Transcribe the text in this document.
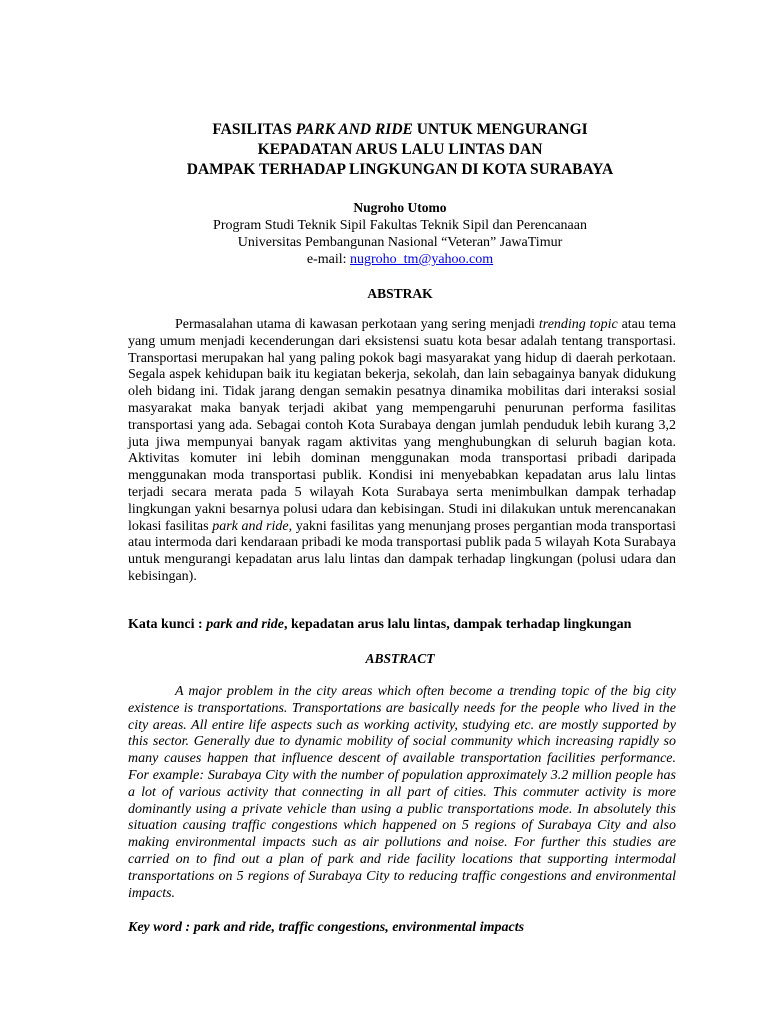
FASILITAS PARK AND RIDE UNTUK MENGURANGI
KEPADATAN ARUS LALU LINTAS DAN
DAMPAK TERHADAP LINGKUNGAN DI KOTA SURABAYA
Nugroho Utomo
Program Studi Teknik Sipil Fakultas Teknik Sipil dan Perencanaan
Universitas Pembangunan Nasional “Veteran” JawaTimur
e-mail: nugroho_tm@yahoo.com
ABSTRAK

Permasalahan utama di kawasan perkotaan yang sering menjadi trending topic atau tema yang umum menjadi kecenderungan dari eksistensi suatu kota besar adalah tentang transportasi. Transportasi merupakan hal yang paling pokok bagi masyarakat yang hidup di daerah perkotaan. Segala aspek kehidupan baik itu kegiatan bekerja, sekolah, dan lain sebagainya banyak didukung oleh bidang ini. Tidak jarang dengan semakin pesatnya dinamika mobilitas dari interaksi sosial masyarakat maka banyak terjadi akibat yang mempengaruhi penurunan performa fasilitas transportasi yang ada. Sebagai contoh Kota Surabaya dengan jumlah penduduk lebih kurang 3,2 juta jiwa mempunyai banyak ragam aktivitas yang menghubungkan di seluruh bagian kota. Aktivitas komuter ini lebih dominan menggunakan moda transportasi pribadi daripada menggunakan moda transportasi publik. Kondisi ini menyebabkan kepadatan arus lalu lintas terjadi secara merata pada 5 wilayah Kota Surabaya serta menimbulkan dampak terhadap lingkungan yakni besarnya polusi udara dan kebisingan. Studi ini dilakukan untuk merencanakan lokasi fasilitas park and ride, yakni fasilitas yang menunjang proses pergantian moda transportasi atau intermoda dari kendaraan pribadi ke moda transportasi publik pada 5 wilayah Kota Surabaya untuk mengurangi kepadatan arus lalu lintas dan dampak terhadap lingkungan (polusi udara dan kebisingan).

Kata kunci : park and ride, kepadatan arus lalu lintas, dampak terhadap lingkungan
ABSTRACT

A major problem in the city areas which often become a trending topic of the big city existence is transportations. Transportations are basically needs for the people who lived in the city areas. All entire life aspects such as working activity, studying etc. are mostly supported by this sector. Generally due to dynamic mobility of social community which increasing rapidly so many causes happen that influence descent of available transportation facilities performance. For example: Surabaya City with the number of population approximately 3.2 million people has a lot of various activity that connecting in all part of cities. This commuter activity is more dominantly using a private vehicle than using a public transportations mode. In absolutely this situation causing traffic congestions which happened on 5 regions of Surabaya City and also making environmental impacts such as air pollutions and noise. For further this studies are carried on to find out a plan of park and ride facility locations that supporting intermodal transportations on 5 regions of Surabaya City to reducing traffic congestions and environmental impacts.

Key word : park and ride, traffic congestions, environmental impacts
